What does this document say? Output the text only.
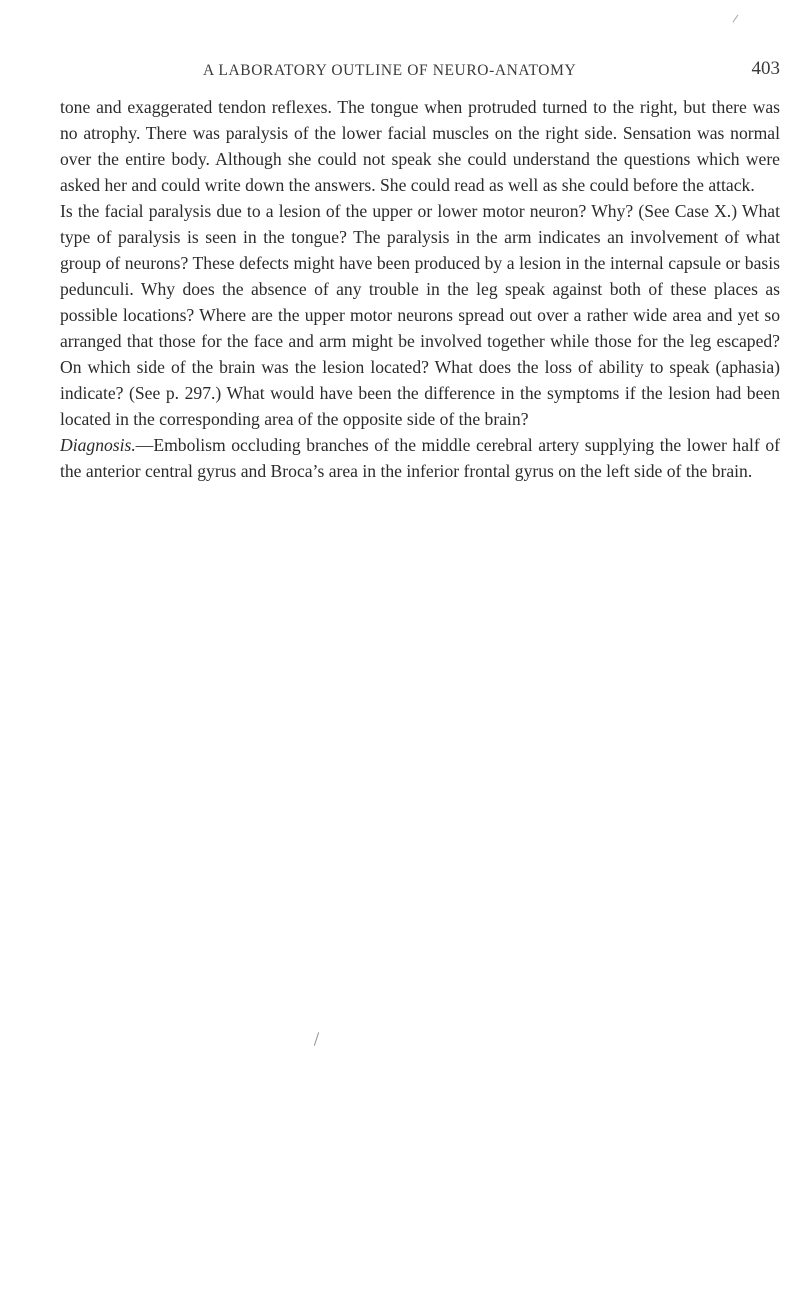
A LABORATORY OUTLINE OF NEURO-ANATOMY	403

tone and exaggerated tendon reflexes. The tongue when protruded turned to the right, but there was no atrophy. There was paralysis of the lower facial muscles on the right side. Sensation was normal over the entire body. Although she could not speak she could understand the questions which were asked her and could write down the answers. She could read as well as she could before the attack.

Is the facial paralysis due to a lesion of the upper or lower motor neuron? Why? (See Case X.) What type of paralysis is seen in the tongue? The paralysis in the arm indicates an involvement of what group of neurons? These defects might have been produced by a lesion in the internal capsule or basis pedunculi. Why does the absence of any trouble in the leg speak against both of these places as possible locations? Where are the upper motor neurons spread out over a rather wide area and yet so arranged that those for the face and arm might be involved together while those for the leg escaped? On which side of the brain was the lesion located? What does the loss of ability to speak (aphasia) indicate? (See p. 297.) What would have been the difference in the symptoms if the lesion had been located in the corresponding area of the opposite side of the brain?

Diagnosis.—Embolism occluding branches of the middle cerebral artery supplying the lower half of the anterior central gyrus and Broca’s area in the inferior frontal gyrus on the left side of the brain.
